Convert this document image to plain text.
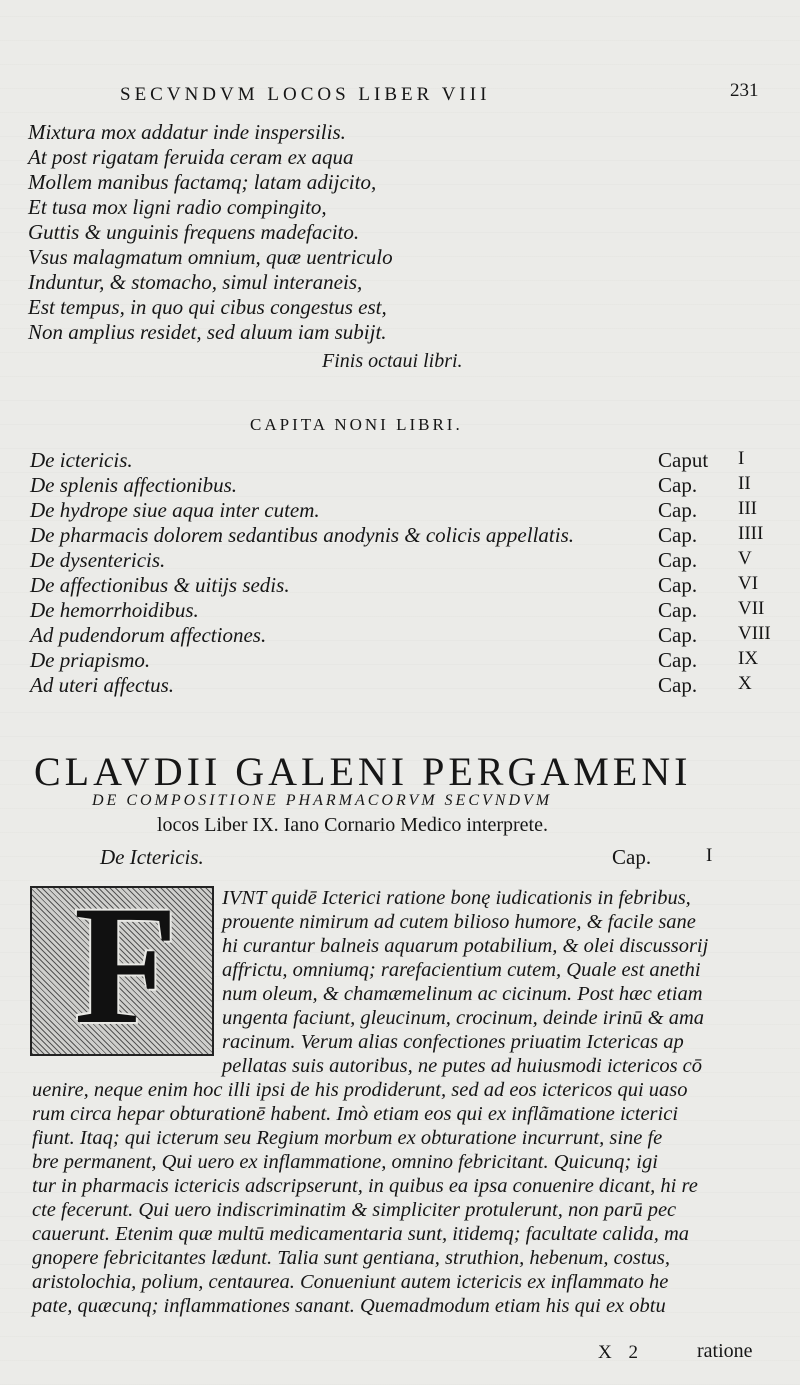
SECVNDVM LOCOS LIBER VIII	231
Mixtura mox addatur inde inspersilis.
At post rigatam feruida ceram ex aqua
Mollem manibus factamq; latam adijcito,
Et tusa mox ligni radio compingito,
Guttis & unguinis frequens madefacito.
Vsus malagmatum omnium, quæ uentriculo
Induntur, & stomacho, simul interaneis,
Est tempus, in quo qui cibus congestus est,
Non amplius residet, sed aluum iam subijt.
Finis octaui libri.
CAPITA NONI LIBRI.
De ictericis.	Caput I
De splenis affectionibus.	Cap. II
De hydrope siue aqua inter cutem.	Cap. III
De pharmacis dolorem sedantibus anodynis & colicis appellatis.	Cap. IIII
De dysentericis.	Cap. V
De affectionibus & uitijs sedis.	Cap. VI
De hemorrhoidibus.	Cap. VII
Ad pudendorum affectiones.	Cap. VIII
De priapismo.	Cap. IX
Ad uteri affectus.	Cap. X
CLAVDII GALENI PERGAMENI
DE COMPOSITIONE PHARMACORVM SECVNDVM
locos Liber IX. Iano Cornario Medico interprete.
De Ictericis.	Cap.	I
F IVNT quidē Icterici ratione bonę iudicationis in febribus,
prouente nimirum ad cutem bilioso humore, & facile sane
hi curantur balneis aquarum potabilium, & olei discussorij
affrictu, omniumq; rarefacientium cutem, Quale est anethi
num oleum, & chamæmelinum ac cicinum. Post hæc etiam
ungenta faciunt, gleucinum, crocinum, deinde irinū & ama
racinum. Verum alias confectiones priuatim Ictericas ap
pellatas suis autoribus, ne putes ad huiusmodi ictericos cō
uenire, neque enim hoc illi ipsi de his prodiderunt, sed ad eos ictericos qui uaso
rum circa hepar obturationē habent. Imò etiam eos qui ex inflãmatione icterici
fiunt. Itaq; qui icterum seu Regium morbum ex obturatione incurrunt, sine fe
bre permanent, Qui uero ex inflammatione, omnino febricitant. Quicunq; igi
tur in pharmacis ictericis adscripserunt, in quibus ea ipsa conuenire dicant, hi re
cte fecerunt. Qui uero indiscriminatim & simpliciter protulerunt, non parū pec
cauerunt. Etenim quæ multū medicamentaria sunt, itidemq; facultate calida, ma
gnopere febricitantes lædunt. Talia sunt gentiana, struthion, hebenum, costus,
aristolochia, polium, centaurea. Conueniunt autem ictericis ex inflammato he
pate, quæcunq; inflammationes sanant. Quemadmodum etiam his qui ex obtu
X 2	ratione
